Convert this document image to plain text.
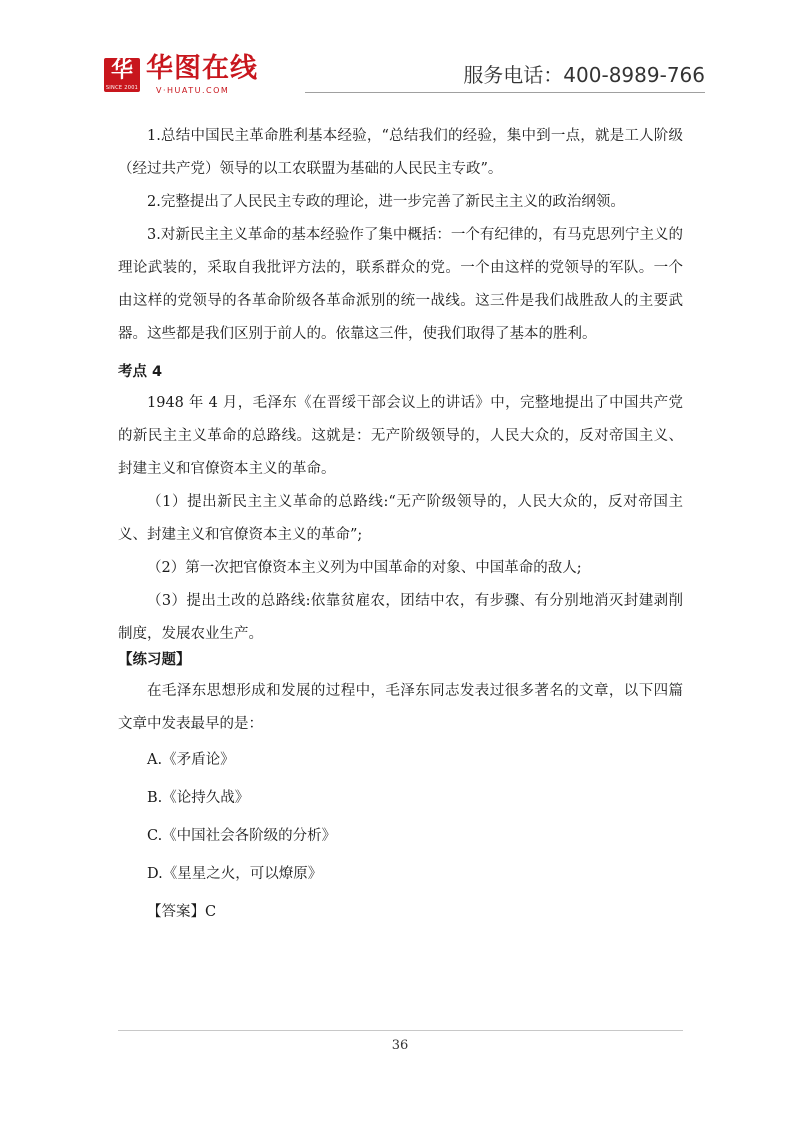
华
SINCE 2001
华图在线
V·HUATU.COM
服务电话：400-8989-766

1.总结中国民主革命胜利基本经验，“总结我们的经验，集中到一点，就是工人阶级（经过共产党）领导的以工农联盟为基础的人民民主专政”。

2.完整提出了人民民主专政的理论，进一步完善了新民主主义的政治纲领。

3.对新民主主义革命的基本经验作了集中概括：一个有纪律的，有马克思列宁主义的理论武装的，采取自我批评方法的，联系群众的党。一个由这样的党领导的军队。一个由这样的党领导的各革命阶级各革命派别的统一战线。这三件是我们战胜敌人的主要武器。这些都是我们区别于前人的。依靠这三件，使我们取得了基本的胜利。

考点 4

1948 年 4 月，毛泽东《在晋绥干部会议上的讲话》中，完整地提出了中国共产党的新民主主义革命的总路线。这就是：无产阶级领导的，人民大众的，反对帝国主义、封建主义和官僚资本主义的革命。

（1）提出新民主主义革命的总路线:“无产阶级领导的，人民大众的，反对帝国主义、封建主义和官僚资本主义的革命”;

（2）第一次把官僚资本主义列为中国革命的对象、中国革命的敌人;

（3）提出土改的总路线:依靠贫雇农，团结中农，有步骤、有分别地消灭封建剥削制度，发展农业生产。

【练习题】

在毛泽东思想形成和发展的过程中，毛泽东同志发表过很多著名的文章，以下四篇文章中发表最早的是：

A.《矛盾论》

B.《论持久战》

C.《中国社会各阶级的分析》

D.《星星之火，可以燎原》

【答案】C

36
